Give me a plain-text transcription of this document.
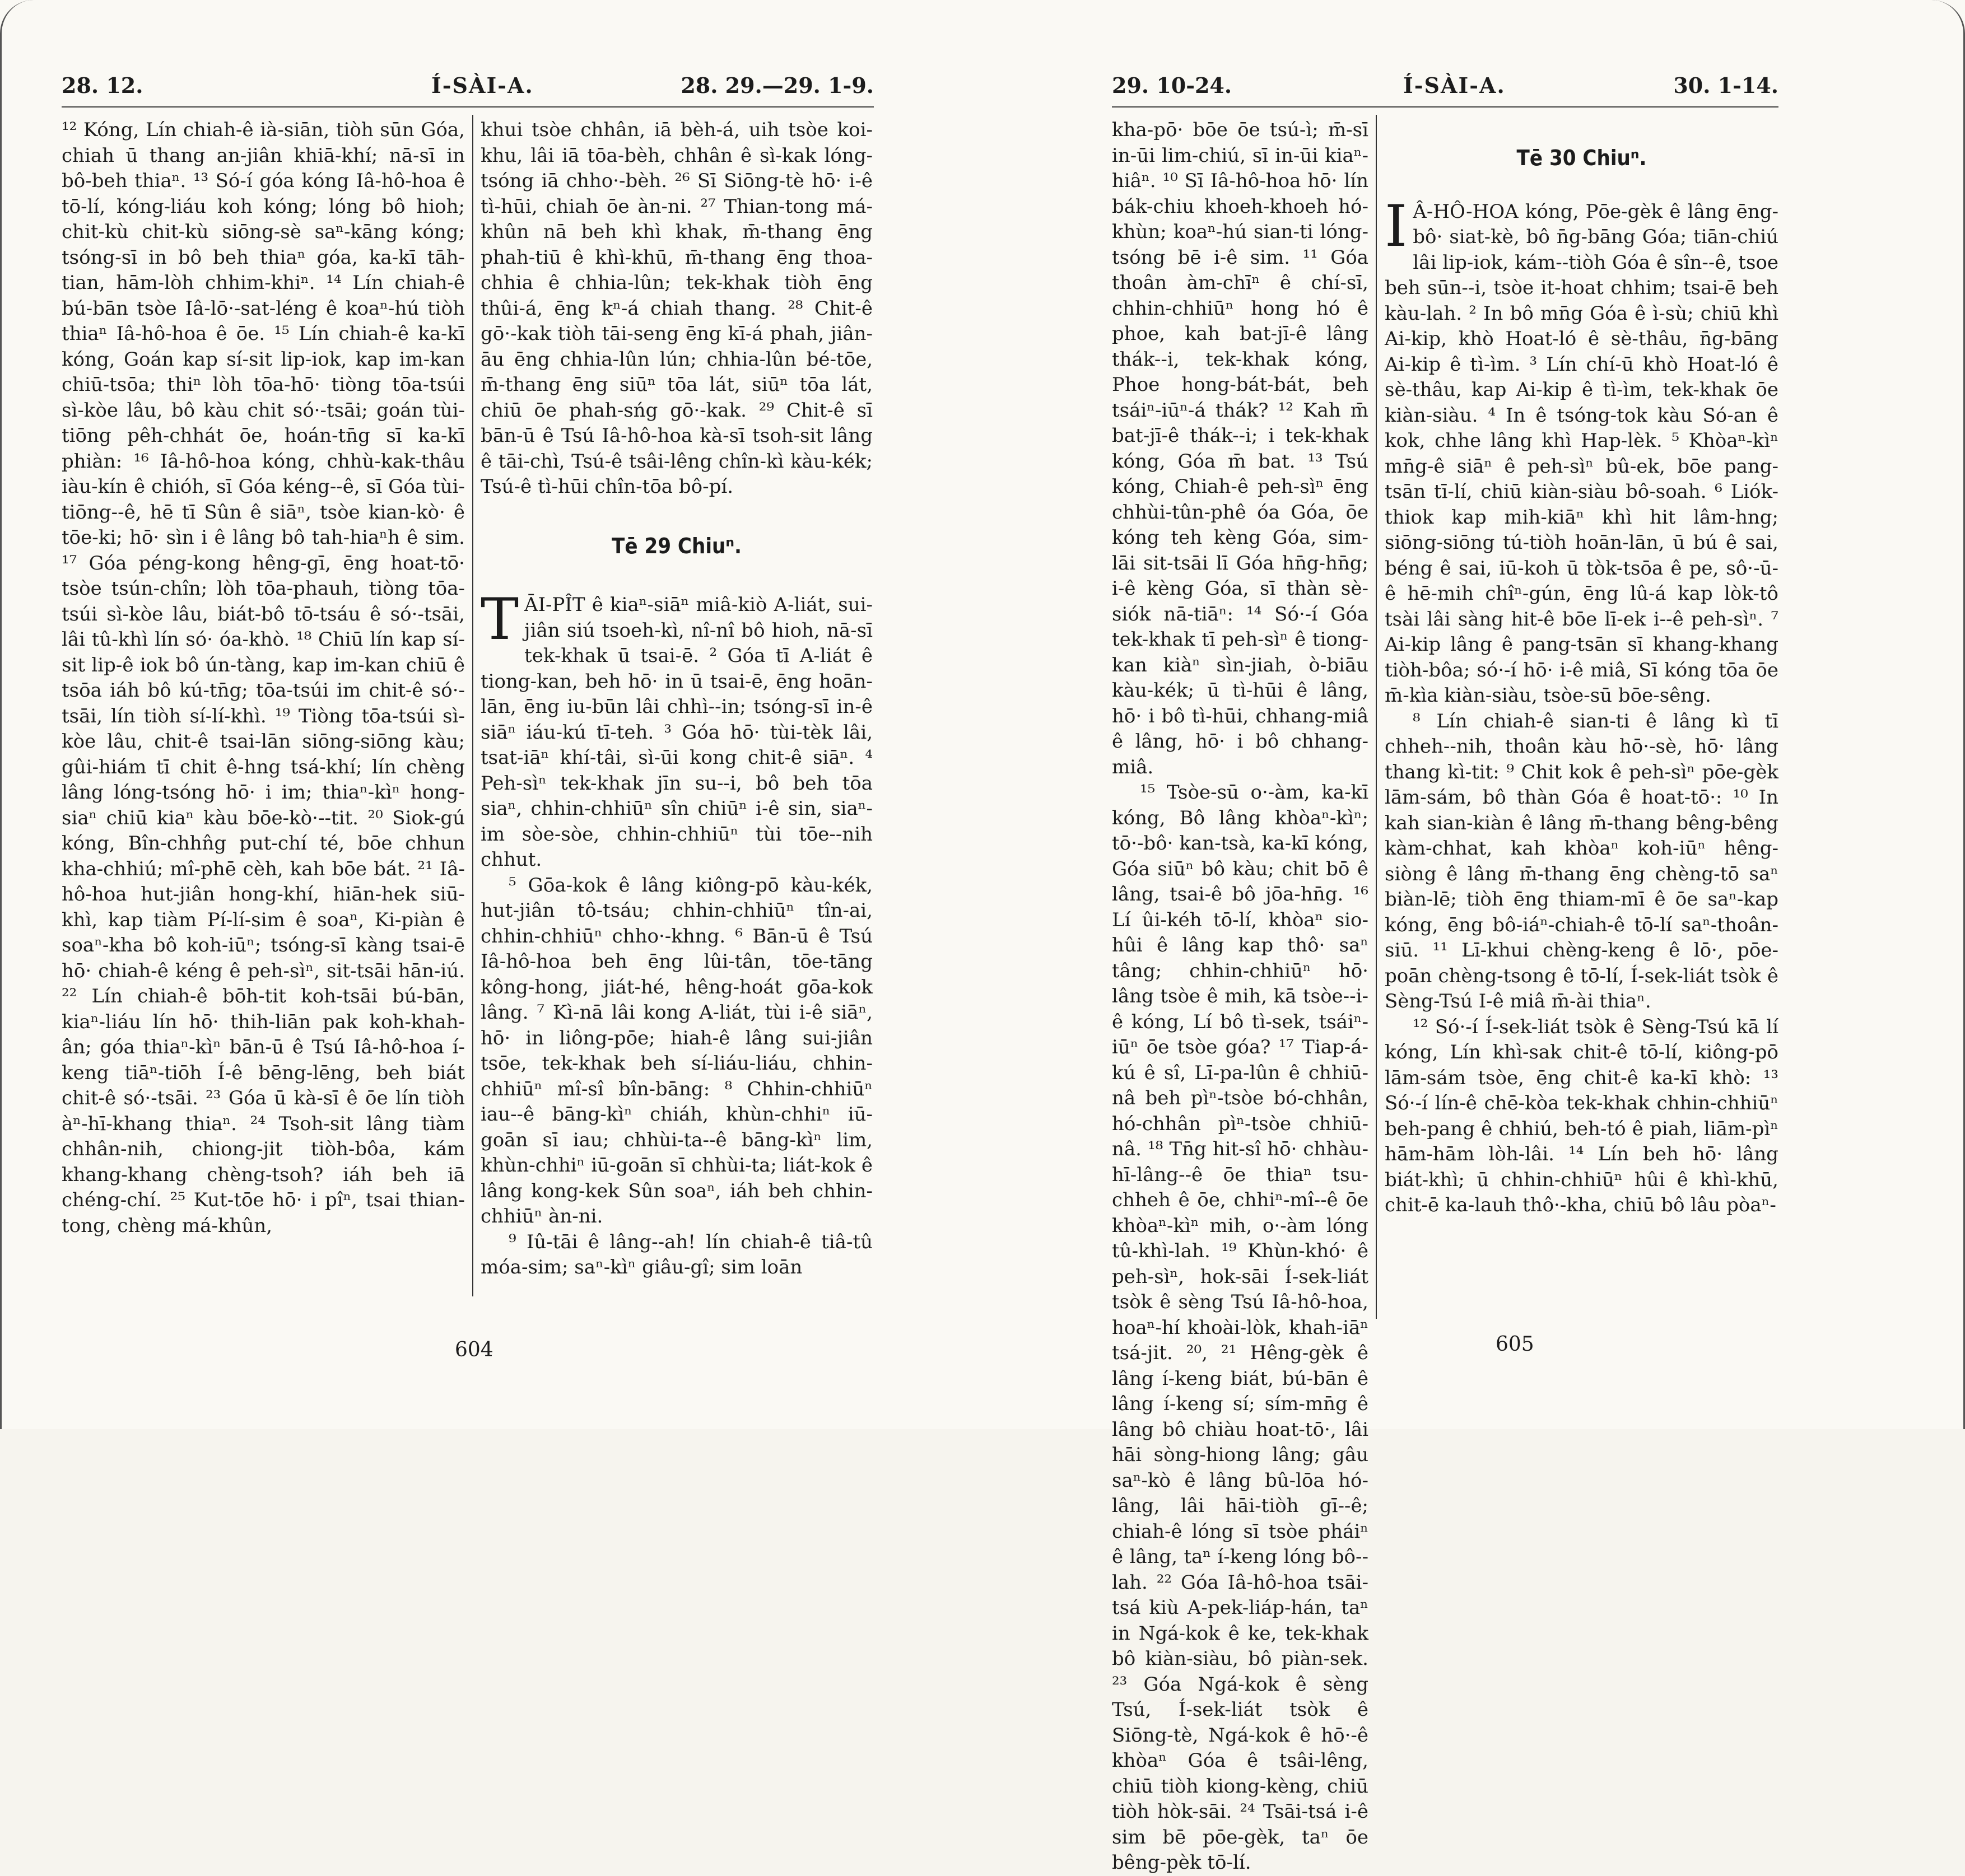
28. 12.	Í-SÀI-A.	28. 29.—29. 1-9.

¹² Kóng, Lín chiah-ê ià-siān, tiòh sūn Góa, chiah ū thang an-jiân khiā-khí; nā-sī in bô-beh thiaⁿ. ¹³ Só-í góa kóng Iâ-hô-hoa ê tō-lí, kóng-liáu koh kóng; lóng bô hioh; chit-kù chit-kù siōng-sè saⁿ-kāng kóng; tsóng-sī in bô beh thiaⁿ góa, ka-kī tāh-tian, hām-lòh chhim-khiⁿ. ¹⁴ Lín chiah-ê bú-bān tsòe Iâ-lō·-sat-léng ê koaⁿ-hú tiòh thiaⁿ Iâ-hô-hoa ê ōe. ¹⁵ Lín chiah-ê ka-kī kóng, Goán kap sí-sit lip-iok, kap im-kan chiū-tsōa; thiⁿ lòh tōa-hō· tiòng tōa-tsúi sì-kòe lâu, bô kàu chit só·-tsāi; goán tùi-tiōng pêh-chhát ōe, hoán-tn̄g sī ka-kī phiàn: ¹⁶ Iâ-hô-hoa kóng, chhù-kak-thâu iàu-kín ê chióh, sī Góa kéng--ê, sī Góa tùi-tiōng--ê, hē tī Sûn ê siāⁿ, tsòe kian-kò· ê tōe-ki; hō· sìn i ê lâng bô tah-hiaⁿh ê sim. ¹⁷ Góa péng-kong hêng-gī, ēng hoat-tō· tsòe tsún-chîn; lòh tōa-phauh, tiòng tōa-tsúi sì-kòe lâu, biát-bô tō-tsáu ê só·-tsāi, lâi tû-khì lín só· óa-khò. ¹⁸ Chiū lín kap sí-sit lip-ê iok bô ún-tàng, kap im-kan chiū ê tsōa iáh bô kú-tn̄g; tōa-tsúi im chit-ê só·-tsāi, lín tiòh sí-lí-khì. ¹⁹ Tiòng tōa-tsúi sì-kòe lâu, chit-ê tsai-lān siōng-siōng kàu; gûi-hiám tī chit ê-hng tsá-khí; lín chèng lâng lóng-tsóng hō· i im; thiaⁿ-kìⁿ hong-siaⁿ chiū kiaⁿ kàu bōe-kò·--tit. ²⁰ Siok-gú kóng, Bîn-chhn̂g put-chí té, bōe chhun kha-chhiú; mî-phē cèh, kah bōe bát. ²¹ Iâ-hô-hoa hut-jiân hong-khí, hiān-hek siū-khì, kap tiàm Pí-lí-sim ê soaⁿ, Ki-piàn ê soaⁿ-kha bô koh-iūⁿ; tsóng-sī kàng tsai-ē hō· chiah-ê kéng ê peh-sìⁿ, sit-tsāi hān-iú. ²² Lín chiah-ê bōh-tit koh-tsāi bú-bān, kiaⁿ-liáu lín hō· thih-liān pak koh-khah-ân; góa thiaⁿ-kìⁿ bān-ū ê Tsú Iâ-hô-hoa í-keng tiāⁿ-tiōh Í-ê bēng-lēng, beh biát chit-ê só·-tsāi. ²³ Góa ū kà-sī ê ōe lín tiòh àⁿ-hī-khang thiaⁿ. ²⁴ Tsoh-sit lâng tiàm chhân-nih, chiong-jit tiòh-bôa, kám khang-khang chèng-tsoh? iáh beh iā chéng-chí. ²⁵ Kut-tōe hō· i pîⁿ, tsai thian-tong, chèng má-khûn,

khui tsòe chhân, iā bèh-á, uih tsòe koi-khu, lâi iā tōa-bèh, chhân ê sì-kak lóng-tsóng iā chho·-bèh. ²⁶ Sī Siōng-tè hō· i-ê tì-hūi, chiah ōe àn-ni. ²⁷ Thian-tong má-khûn nā beh khì khak, m̄-thang ēng phah-tiū ê khì-khū, m̄-thang ēng thoa-chhia ê chhia-lûn; tek-khak tiòh ēng thûi-á, ēng kⁿ-á chiah thang. ²⁸ Chit-ê gō·-kak tiòh tāi-seng ēng kī-á phah, jiân-āu ēng chhia-lûn lún; chhia-lûn bé-tōe, m̄-thang ēng siūⁿ tōa lát, siūⁿ tōa lát, chiū ōe phah-sńg gō·-kak. ²⁹ Chit-ê sī bān-ū ê Tsú Iâ-hô-hoa kà-sī tsoh-sit lâng ê tāi-chì, Tsú-ê tsâi-lêng chîn-kì kàu-kék; Tsú-ê tì-hūi chîn-tōa bô-pí.

Tē 29 Chiuⁿ.

TĀI-PÎT ê kiaⁿ-siāⁿ miâ-kiò A-liát, sui-jiân siú tsoeh-kì, nî-nî bô hioh, nā-sī tek-khak ū tsai-ē. ² Góa tī A-liát ê tiong-kan, beh hō· in ū tsai-ē, ēng hoān-lān, ēng iu-būn lâi chhì--in; tsóng-sī in-ê siāⁿ iáu-kú tī-teh. ³ Góa hō· tùi-tèk lâi, tsat-iāⁿ khí-tâi, sì-ūi kong chit-ê siāⁿ. ⁴ Peh-sìⁿ tek-khak jīn su--i, bô beh tōa siaⁿ, chhin-chhiūⁿ sîn chiūⁿ i-ê sin, siaⁿ-im sòe-sòe, chhin-chhiūⁿ tùi tōe--nih chhut.

⁵ Gōa-kok ê lâng kiông-pō kàu-kék, hut-jiân tô-tsáu; chhin-chhiūⁿ tîn-ai, chhin-chhiūⁿ chho·-khng. ⁶ Bān-ū ê Tsú Iâ-hô-hoa beh ēng lûi-tân, tōe-tāng kông-hong, jiát-hé, hêng-hoát gōa-kok lâng. ⁷ Kì-nā lâi kong A-liát, tùi i-ê siāⁿ, hō· in liông-pōe; hiah-ê lâng sui-jiân tsōe, tek-khak beh sí-liáu-liáu, chhin-chhiūⁿ mî-sî bîn-bāng: ⁸ Chhin-chhiūⁿ iau--ê bāng-kìⁿ chiáh, khùn-chhiⁿ iū-goān sī iau; chhùi-ta--ê bāng-kìⁿ lim, khùn-chhiⁿ iū-goān sī chhùi-ta; liát-kok ê lâng kong-kek Sûn soaⁿ, iáh beh chhin-chhiūⁿ àn-ni.

⁹ Iû-tāi ê lâng--ah! lín chiah-ê tiâ-tû móa-sim; saⁿ-kìⁿ giâu-gî; sim loān

604
29. 10-24.	Í-SÀI-A.	30. 1-14.

kha-pō· bōe ōe tsú-ì; m̄-sī in-ūi lim-chiú, sī in-ūi kiaⁿ-hiâⁿ. ¹⁰ Sī Iâ-hô-hoa hō· lín bák-chiu khoeh-khoeh hó-khùn; koaⁿ-hú sian-ti lóng-tsóng bē i-ê sim. ¹¹ Góa thoân àm-chīⁿ ê chí-sī, chhin-chhiūⁿ hong hó ê phoe, kah bat-jī-ê lâng thák--i, tek-khak kóng, Phoe hong-bát-bát, beh tsáiⁿ-iūⁿ-á thák? ¹² Kah m̄ bat-jī-ê thák--i; i tek-khak kóng, Góa m̄ bat. ¹³ Tsú kóng, Chiah-ê peh-sìⁿ ēng chhùi-tûn-phê óa Góa, ōe kóng teh kèng Góa, sim-lāi sit-tsāi lī Góa hn̄g-hn̄g; i-ê kèng Góa, sī thàn sè-siók nā-tiāⁿ: ¹⁴ Só·-í Góa tek-khak tī peh-sìⁿ ê tiong-kan kiàⁿ sìn-jiah, ò-biāu kàu-kék; ū tì-hūi ê lâng, hō· i bô tì-hūi, chhang-miâ ê lâng, hō· i bô chhang-miâ.

¹⁵ Tsòe-sū o·-àm, ka-kī kóng, Bô lâng khòaⁿ-kìⁿ; tō·-bô· kan-tsà, ka-kī kóng, Góa siūⁿ bô kàu; chit bō ê lâng, tsai-ê bô jōa-hn̄g. ¹⁶ Lí ûi-kéh tō-lí, khòaⁿ sio-hûi ê lâng kap thô· saⁿ tâng; chhin-chhiūⁿ hō· lâng tsòe ê mih, kā tsòe--i-ê kóng, Lí bô tì-sek, tsáiⁿ-iūⁿ ōe tsòe góa? ¹⁷ Tiap-á-kú ê sî, Lī-pa-lûn ê chhiū-nâ beh pìⁿ-tsòe bó-chhân, hó-chhân pìⁿ-tsòe chhiū-nâ. ¹⁸ Tn̄g hit-sî hō· chhàu-hī-lâng--ê ōe thiaⁿ tsu-chheh ê ōe, chhiⁿ-mî--ê ōe khòaⁿ-kìⁿ mih, o·-àm lóng tû-khì-lah. ¹⁹ Khùn-khó· ê peh-sìⁿ, hok-sāi Í-sek-liát tsòk ê sèng Tsú Iâ-hô-hoa, hoaⁿ-hí khoài-lòk, khah-iāⁿ tsá-jit. ²⁰, ²¹ Hêng-gèk ê lâng í-keng biát, bú-bān ê lâng í-keng sí; sím-mn̄g ê lâng bô chiàu hoat-tō·, lâi hāi sòng-hiong lâng; gâu saⁿ-kò ê lâng bû-lōa hó-lâng, lâi hāi-tiòh gī--ê; chiah-ê lóng sī tsòe pháiⁿ ê lâng, taⁿ í-keng lóng bô--lah. ²² Góa Iâ-hô-hoa tsāi-tsá kiù A-pek-liáp-hán, taⁿ in Ngá-kok ê ke, tek-khak bô kiàn-siàu, bô piàn-sek. ²³ Góa Ngá-kok ê sèng Tsú, Í-sek-liát tsòk ê Siōng-tè, Ngá-kok ê hō·-ê khòaⁿ Góa ê tsâi-lêng, chiū tiòh kiong-kèng, chiū tiòh hòk-sāi. ²⁴ Tsāi-tsá i-ê sim bē pōe-gèk, taⁿ ōe bêng-pèk tō-lí.

Tē 30 Chiuⁿ.

I Â-HÔ-HOA kóng, Pōe-gèk ê lâng ēng-bô· siat-kè, bô n̄g-bāng Góa; tiān-chiú lâi lip-iok, kám--tiòh Góa ê sîn--ê, tsoe beh sūn--i, tsòe it-hoat chhim; tsai-ē beh kàu-lah. ² In bô mn̄g Góa ê ì-sù; chiū khì Ai-kip, khò Hoat-ló ê sè-thâu, n̄g-bāng Ai-kip ê tì-ìm. ³ Lín chí-ū khò Hoat-ló ê sè-thâu, kap Ai-kip ê tì-ìm, tek-khak ōe kiàn-siàu. ⁴ In ê tsóng-tok kàu Só-an ê kok, chhe lâng khì Hap-lèk. ⁵ Khòaⁿ-kìⁿ mn̄g-ê siāⁿ ê peh-sìⁿ bû-ek, bōe pang-tsān tī-lí, chiū kiàn-siàu bô-soah. ⁶ Liók-thiok kap mih-kiāⁿ khì hit lâm-hng; siōng-siōng tú-tiòh hoān-lān, ū bú ê sai, béng ê sai, iū-koh ū tòk-tsōa ê pe, sô·-ū-ê hē-mih chîⁿ-gún, ēng lû-á kap lòk-tô tsài lâi sàng hit-ê bōe lī-ek i--ê peh-sìⁿ. ⁷ Ai-kip lâng ê pang-tsān sī khang-khang tiòh-bôa; só·-í hō· i-ê miâ, Sī kóng tōa ōe m̄-kìa kiàn-siàu, tsòe-sū bōe-sêng.

⁸ Lín chiah-ê sian-ti ê lâng kì tī chheh--nih, thoân kàu hō·-sè, hō· lâng thang kì-tit: ⁹ Chit kok ê peh-sìⁿ pōe-gèk lām-sám, bô thàn Góa ê hoat-tō·: ¹⁰ In kah sian-kiàn ê lâng m̄-thang bêng-bêng kàm-chhat, kah khòaⁿ koh-iūⁿ hêng-siòng ê lâng m̄-thang ēng chèng-tō saⁿ biàn-lē; tiòh ēng thiam-mī ê ōe saⁿ-kap kóng, ēng bô-iáⁿ-chiah-ê tō-lí saⁿ-thoân-siū. ¹¹ Lī-khui chèng-keng ê lō·, pōe-poān chèng-tsong ê tō-lí, Í-sek-liát tsòk ê Sèng-Tsú I-ê miâ m̄-ài thiaⁿ.

¹² Só·-í Í-sek-liát tsòk ê Sèng-Tsú kā lí kóng, Lín khì-sak chit-ê tō-lí, kiông-pō lām-sám tsòe, ēng chit-ê ka-kī khò: ¹³ Só·-í lín-ê chē-kòa tek-khak chhin-chhiūⁿ beh-pang ê chhiú, beh-tó ê piah, liām-pìⁿ hām-hām lòh-lâi. ¹⁴ Lín beh hō· lâng biát-khì; ū chhin-chhiūⁿ hûi ê khì-khū, chit-ē ka-lauh thô·-kha, chiū bô lâu pòaⁿ-

605
